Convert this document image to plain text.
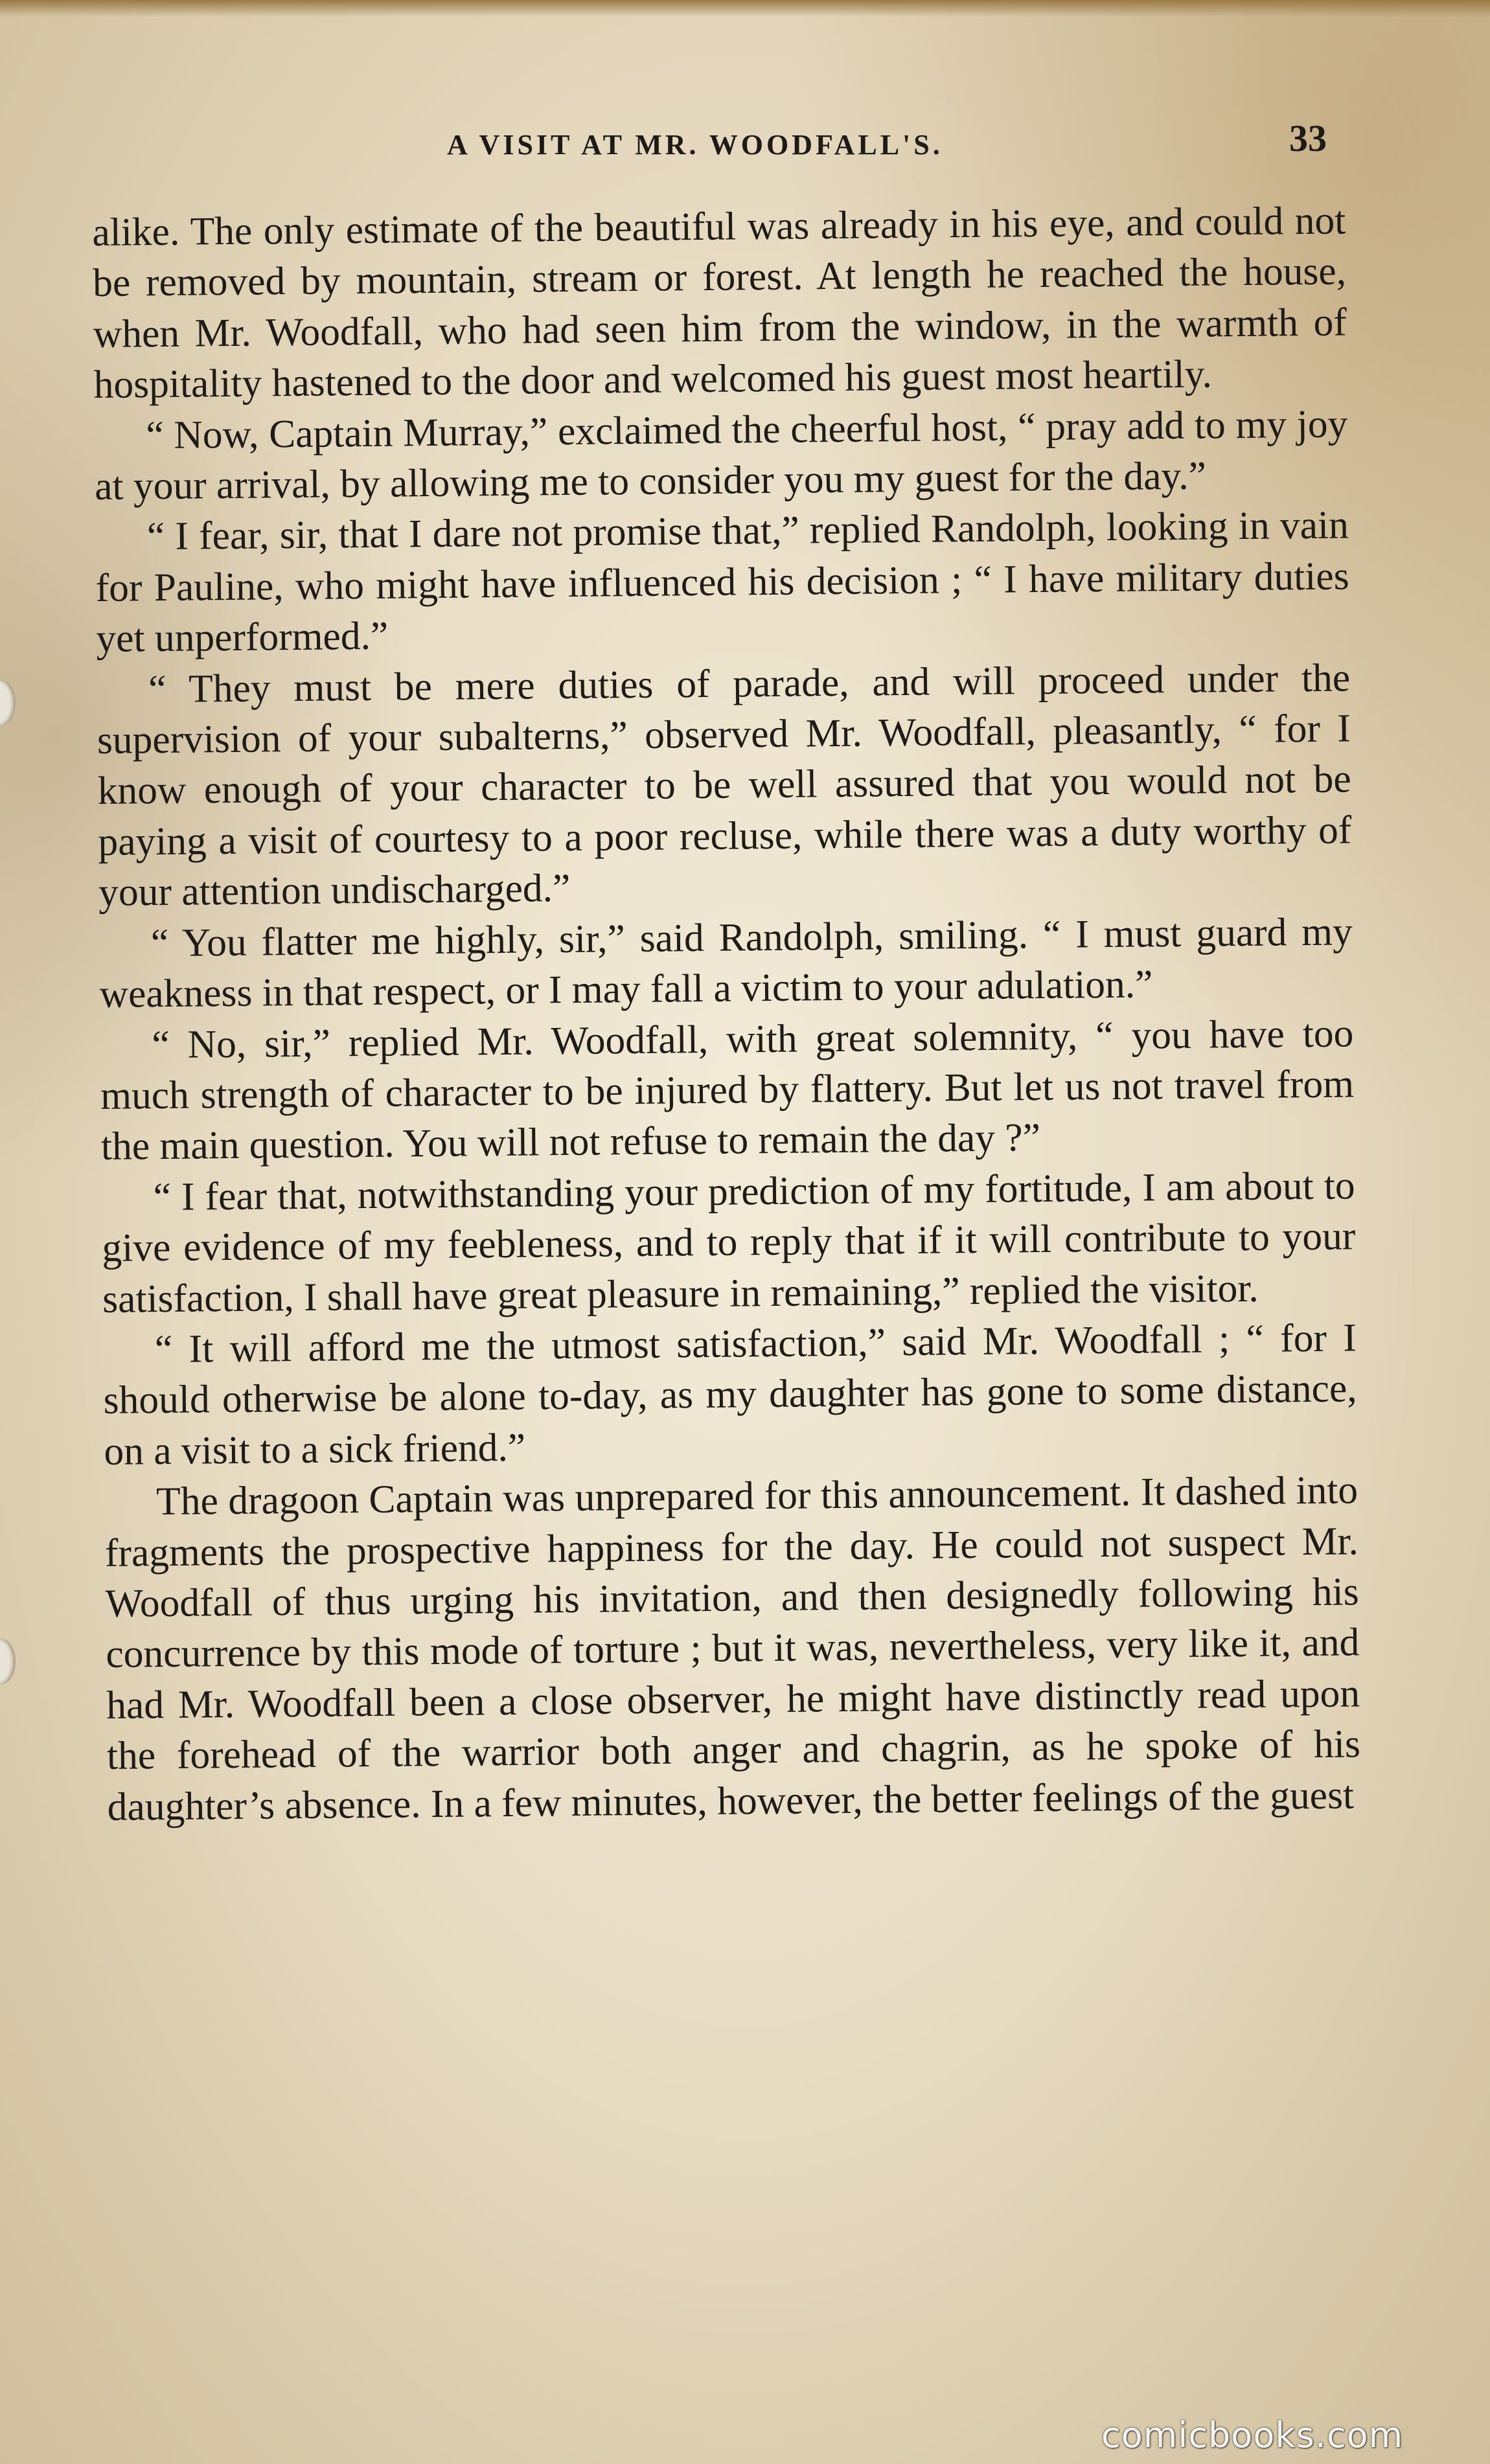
A VISIT AT MR. WOODFALL'S.	33

alike. The only estimate of the beautiful was already in his eye, and could not be removed by mountain, stream or forest. At length he reached the house, when Mr. Woodfall, who had seen him from the window, in the warmth of hospitality hastened to the door and welcomed his guest most heartily.

“ Now, Captain Murray,” exclaimed the cheerful host, “ pray add to my joy at your arrival, by allowing me to consider you my guest for the day.”

“ I fear, sir, that I dare not promise that,” replied Randolph, looking in vain for Pauline, who might have influenced his decision ; “ I have military duties yet unperformed.”

“ They must be mere duties of parade, and will proceed under the supervision of your subalterns,” observed Mr. Woodfall, pleasantly, “ for I know enough of your character to be well assured that you would not be paying a visit of courtesy to a poor recluse, while there was a duty worthy of your attention undischarged.”

“ You flatter me highly, sir,” said Randolph, smiling. “ I must guard my weakness in that respect, or I may fall a victim to your adulation.”

“ No, sir,” replied Mr. Woodfall, with great solemnity, “ you have too much strength of character to be injured by flattery. But let us not travel from the main question. You will not refuse to remain the day ?”

“ I fear that, notwithstanding your prediction of my fortitude, I am about to give evidence of my feebleness, and to reply that if it will contribute to your satisfaction, I shall have great pleasure in remaining,” replied the visitor.

“ It will afford me the utmost satisfaction,” said Mr. Woodfall ; “ for I should otherwise be alone to-day, as my daughter has gone to some distance, on a visit to a sick friend.”

The dragoon Captain was unprepared for this announcement. It dashed into fragments the prospective happiness for the day. He could not suspect Mr. Woodfall of thus urging his invitation, and then designedly following his concurrence by this mode of torture ; but it was, nevertheless, very like it, and had Mr. Woodfall been a close observer, he might have distinctly read upon the forehead of the warrior both anger and chagrin, as he spoke of his daughter’s absence. In a few minutes, however, the better feelings of the guest

comicbooks.com
